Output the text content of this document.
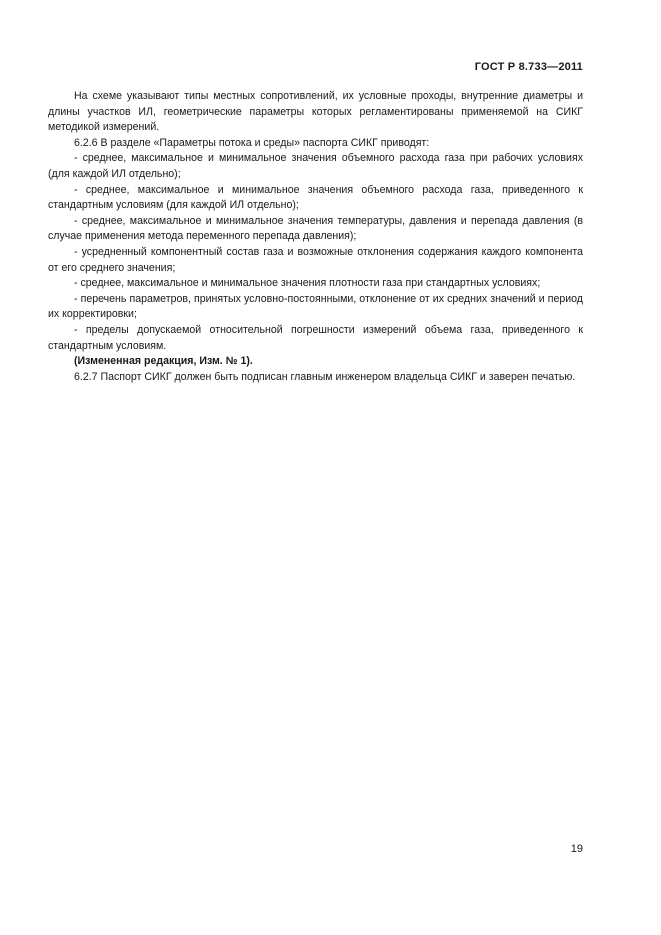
ГОСТ Р 8.733—2011

На схеме указывают типы местных сопротивлений, их условные проходы, внутренние диаметры и длины участков ИЛ, геометрические параметры которых регламентированы применяемой на СИКГ методикой измерений.

6.2.6 В разделе «Параметры потока и среды» паспорта СИКГ приводят:

- среднее, максимальное и минимальное значения объемного расхода газа при рабочих условиях (для каждой ИЛ отдельно);

- среднее, максимальное и минимальное значения объемного расхода газа, приведенного к стандартным условиям (для каждой ИЛ отдельно);

- среднее, максимальное и минимальное значения температуры, давления и перепада давления (в случае применения метода переменного перепада давления);

- усредненный компонентный состав газа и возможные отклонения содержания каждого компонента от его среднего значения;

- среднее, максимальное и минимальное значения плотности газа при стандартных условиях;

- перечень параметров, принятых условно-постоянными, отклонение от их средних значений и период их корректировки;

- пределы допускаемой относительной погрешности измерений объема газа, приведенного к стандартным условиям.

(Измененная редакция, Изм. № 1).

6.2.7 Паспорт СИКГ должен быть подписан главным инженером владельца СИКГ и заверен печатью.

19
